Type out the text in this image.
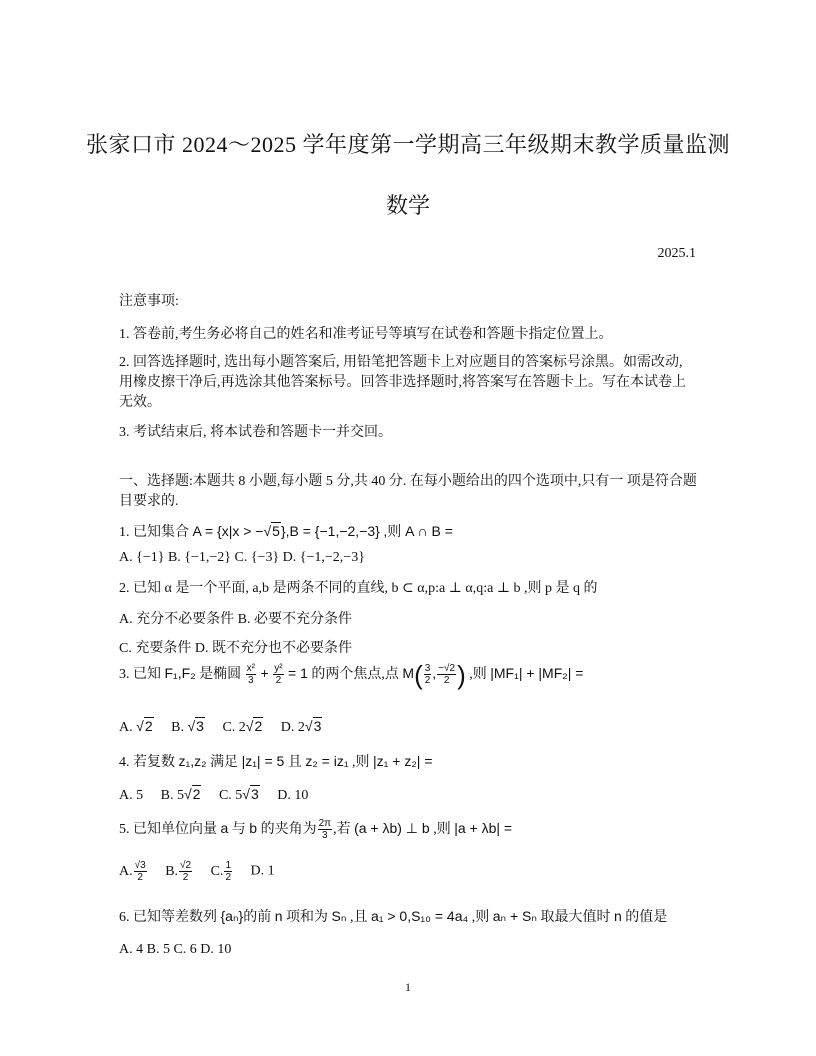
张家口市 2024～2025 学年度第一学期高三年级期末教学质量监测
数学
2025.1
注意事项:
1. 答卷前,考生务必将自己的姓名和准考证号等填写在试卷和答题卡指定位置上。
2. 回答选择题时, 选出每小题答案后, 用铅笔把答题卡上对应题目的答案标号涂黑。如需改动, 用橡皮擦干净后,再选涂其他答案标号。回答非选择题时,将答案写在答题卡上。写在本试卷上无效。
3. 考试结束后, 将本试卷和答题卡一并交回。
一、选择题:本题共 8 小题,每小题 5 分,共 40 分. 在每小题给出的四个选项中,只有一 项是符合题目要求的.
1. 已知集合 A = {x|x > −√5},B = {−1,−2,−3} ,则 A ∩ B =
A. {−1} B. {−1,−2} C. {−3} D. {−1,−2,−3}
2. 已知 α 是一个平面, a,b 是两条不同的直线, b ⊂ α,p:a ⊥ α,q:a ⊥ b ,则 p 是 q 的
A. 充分不必要条件 B. 必要不充分条件
C. 充要条件 D. 既不充分也不必要条件
3. 已知 F₁,F₂ 是椭圆 $\frac{\text{x²}}{3} + \frac{\text{y²}}{2} = 1$ 的两个焦点,点 $M( \frac{3}{2}$ , $\frac{-√2}{2}$ ) ,则 |MF₁| + |MF₂| =
A. √2 B. √3 C. 2√2 D. 2√3
4. 若复数 z₁,z₂ 满足 |z₁| = 5 且 z₂ = iz₁ ,则 |z₁ + z₂| =
A. 5 B. 5√2 C. 5√3 D. 10
5. 已知单位向量 a 与 b 的夹角为 $\frac{2\pi}{3}$ ,若 (a + λb) ⊥ b ,则 |a + λb| =
A. $\frac{√3}{2} B$. $\frac{√2}{2} C$. $\frac{1}{2} D$. 1
6. 已知等差数列 {aₙ}的前 n 项和为 Sₙ ,且 a₁ > 0,S₁₀ = 4a₄ ,则 aₙ + Sₙ 取最大值时 n 的值是
A. 4 B. 5 C. 6 D. 10
1
